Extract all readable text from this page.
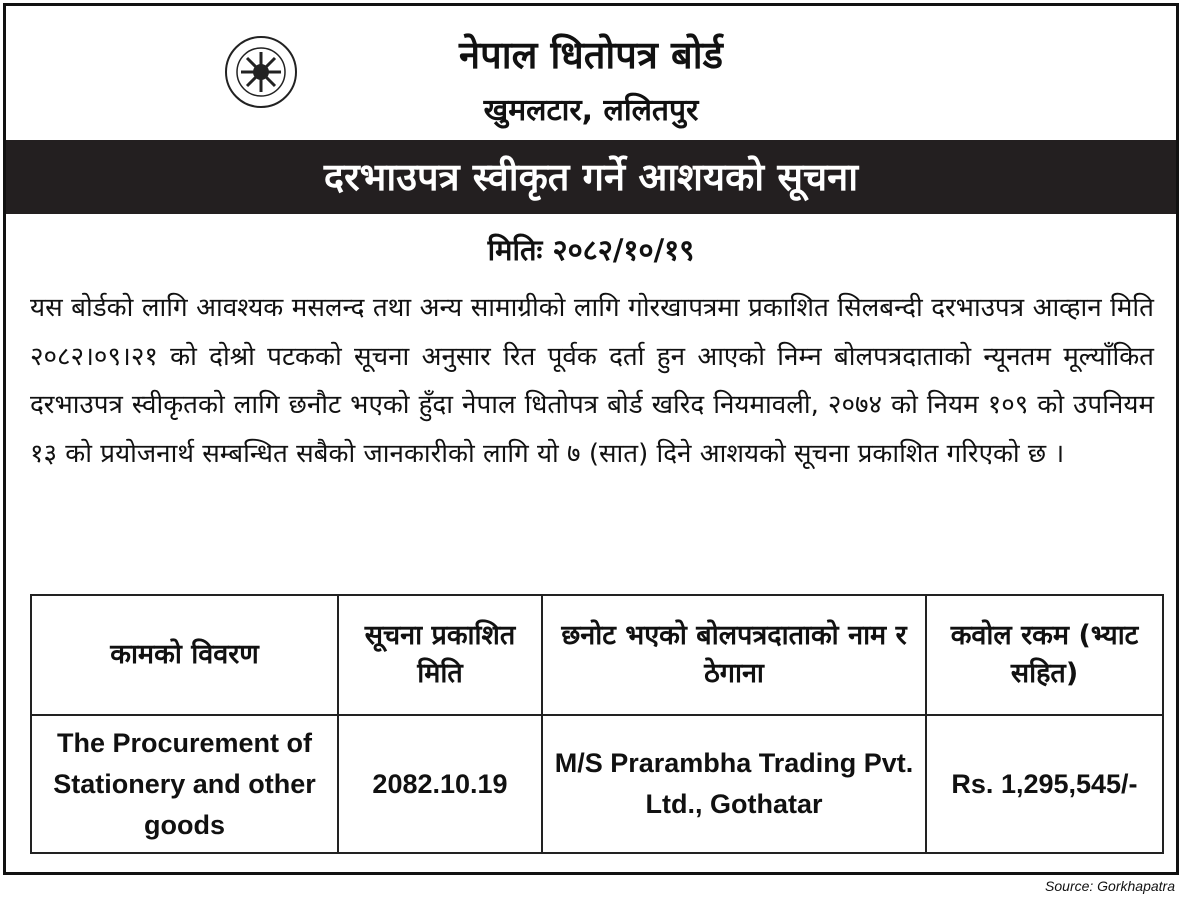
नेपाल धितोपत्र बोर्ड
खुमलटार, ललितपुर
दरभाउपत्र स्वीकृत गर्ने आशयको सूचना
मितिः २०८२/१०/१९
यस बोर्डको लागि आवश्यक मसलन्द तथा अन्य सामाग्रीको लागि गोरखापत्रमा प्रकाशित सिलबन्दी दरभाउपत्र आव्हान मिति २०८२।०९।२१ को दोश्रो पटकको सूचना अनुसार रित पूर्वक दर्ता हुन आएको निम्न बोलपत्रदाताको न्यूनतम मूल्याँकित दरभाउपत्र स्वीकृतको लागि छनौट भएको हुँदा नेपाल धितोपत्र बोर्ड खरिद नियमावली, २०७४ को नियम १०९ को उपनियम १३ को प्रयोजनार्थ सम्बन्धित सबैको जानकारीको लागि यो ७ (सात) दिने आशयको सूचना प्रकाशित गरिएको छ ।
कामको विवरण	सूचना प्रकाशित मिति	छनोट भएको बोलपत्रदाताको नाम र ठेगाना	कवोल रकम (भ्याट सहित)
The Procurement of Stationery and other goods	2082.10.19	M/S Prarambha Trading Pvt. Ltd., Gothatar	Rs. 1,295,545/-
Source: Gorkhapatra
